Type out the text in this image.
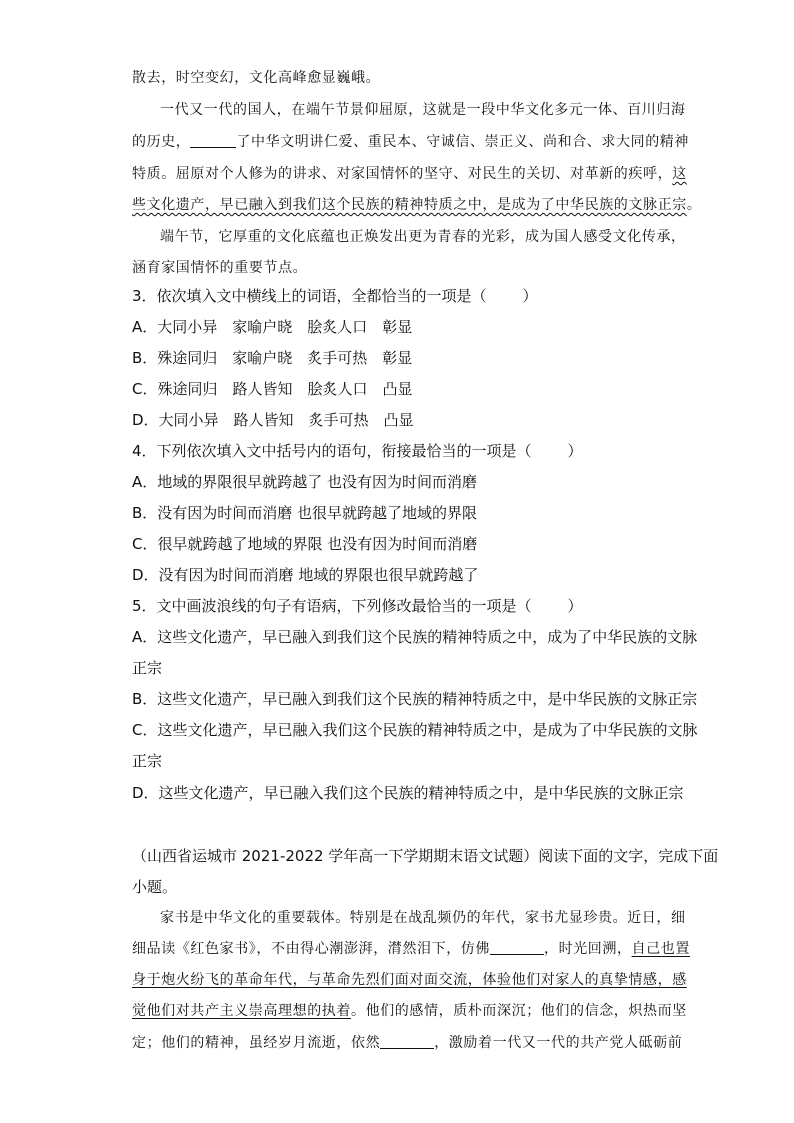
散去，时空变幻，文化高峰愈显巍峨。
一代又一代的国人，在端午节景仰屈原，这就是一段中华文化多元一体、百川归海
的历史，	了中华文明讲仁爱、重民本、守诚信、崇正义、尚和合、求大同的精神
特质。屈原对个人修为的讲求、对家国情怀的坚守、对民生的关切、对革新的疾呼，这
些文化遗产，早已融入到我们这个民族的精神特质之中，是成为了中华民族的文脉正宗。
端午节，它厚重的文化底蕴也正焕发出更为青春的光彩，成为国人感受文化传承，
涵育家国情怀的重要节点。
3．依次填入文中横线上的词语，全都恰当的一项是（ ）
A．大同小异　家喻户晓　脍炙人口　彰显
B．殊途同归　家喻户晓　炙手可热　彰显
C．殊途同归　路人皆知　脍炙人口　凸显
D．大同小异　路人皆知　炙手可热　凸显
4．下列依次填入文中括号内的语句，衔接最恰当的一项是（ ）
A．地域的界限很早就跨越了 也没有因为时间而消磨
B．没有因为时间而消磨 也很早就跨越了地域的界限
C．很早就跨越了地域的界限 也没有因为时间而消磨
D．没有因为时间而消磨 地域的界限也很早就跨越了
5．文中画波浪线的句子有语病，下列修改最恰当的一项是（ ）
A．这些文化遗产，早已融入到我们这个民族的精神特质之中，成为了中华民族的文脉
正宗
B．这些文化遗产，早已融入到我们这个民族的精神特质之中，是中华民族的文脉正宗
C．这些文化遗产，早已融入我们这个民族的精神特质之中，是成为了中华民族的文脉
正宗
D．这些文化遗产，早已融入我们这个民族的精神特质之中，是中华民族的文脉正宗
（山西省运城市 2021-2022 学年高一下学期期末语文试题）阅读下面的文字，完成下面
小题。
家书是中华文化的重要载体。特别是在战乱频仍的年代，家书尤显珍贵。近日，细
细品读《红色家书》，不由得心潮澎湃，潸然泪下，仿佛	，时光回溯，自己也置
身于炮火纷飞的革命年代，与革命先烈们面对面交流，体验他们对家人的真挚情感，感
觉他们对共产主义崇高理想的执着。他们的感情，质朴而深沉；他们的信念，炽热而坚
定；他们的精神，虽经岁月流逝，依然	，激励着一代又一代的共产党人砥砺前
